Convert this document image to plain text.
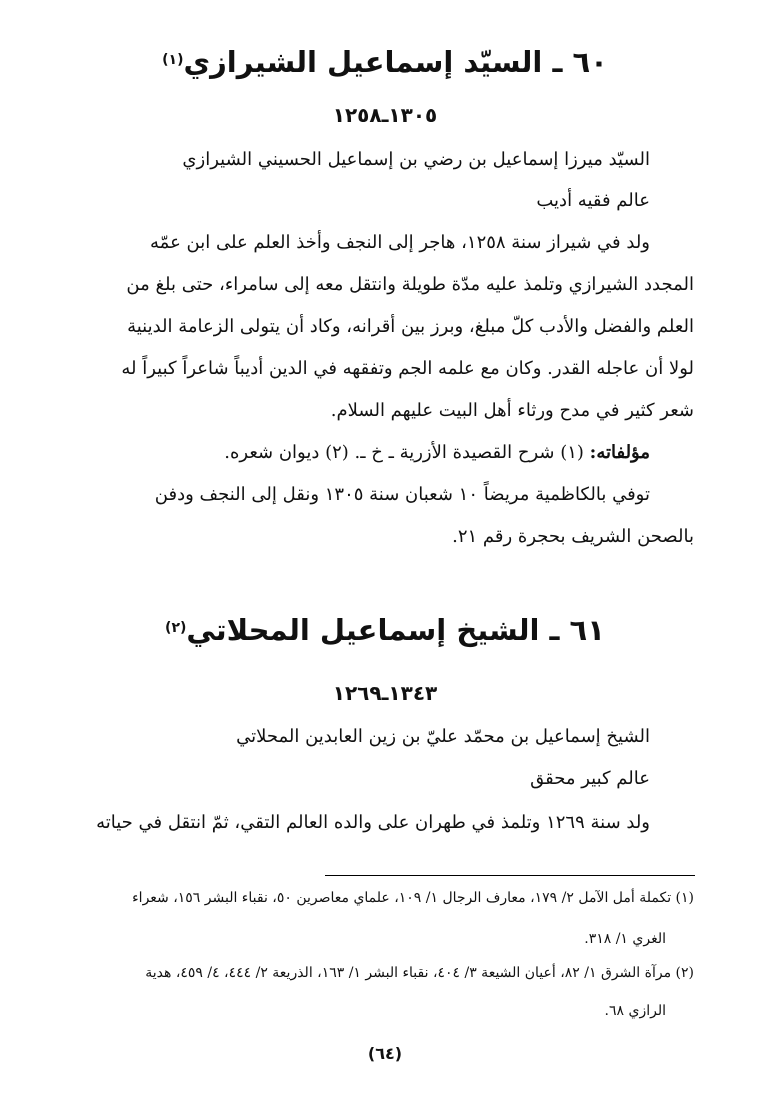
٦٠ ـ السيّد إسماعيل الشيرازي$^{(١)}$
١٣٠٥ـ١٢٥٨
السيّد ميرزا إسماعيل بن رضي بن إسماعيل الحسيني الشيرازي
عالم فقيه أديب
ولد في شيراز سنة ١٢٥٨، هاجر إلى النجف وأخذ العلم على ابن عمّه
المجدد الشيرازي وتلمذ عليه مدّة طويلة وانتقل معه إلى سامراء، حتى بلغ من
العلم والفضل والأدب كلّ مبلغ، وبرز بين أقرانه، وكاد أن يتولى الزعامة الدينية
لولا أن عاجله القدر. وكان مع علمه الجم وتفقهه في الدين أديباً شاعراً كبيراً له
شعر كثير في مدح ورثاء أهل البيت عليهم السلام.
مؤلفاته: (١) شرح القصيدة الأزرية ـ خ ـ. (٢) ديوان شعره.
توفي بالكاظمية مريضاً ١٠ شعبان سنة ١٣٠٥ ونقل إلى النجف ودفن
بالصحن الشريف بحجرة رقم ٢١.
٦١ ـ الشيخ إسماعيل المحلاتي$^{(٢)}$
١٣٤٣ـ١٢٦٩
الشيخ إسماعيل بن محمّد عليّ بن زين العابدين المحلاتي
عالم كبير محقق
ولد سنة ١٢٦٩ وتلمذ في طهران على والده العالم التقي، ثمّ انتقل في حياته
(١) تكملة أمل الآمل ٢/ ١٧٩، معارف الرجال ١/ ١٠٩، علماي معاصرين ٥٠، نقباء البشر ١٥٦، شعراء
الغري ١/ ٣١٨.
(٢) مرآة الشرق ١/ ٨٢، أعيان الشيعة ٣/ ٤٠٤، نقباء البشر ١/ ١٦٣، الذريعة ٢/ ٤٤٤، ٤/ ٤٥٩، هدية
الرازي ٦٨.
(٦٤)
